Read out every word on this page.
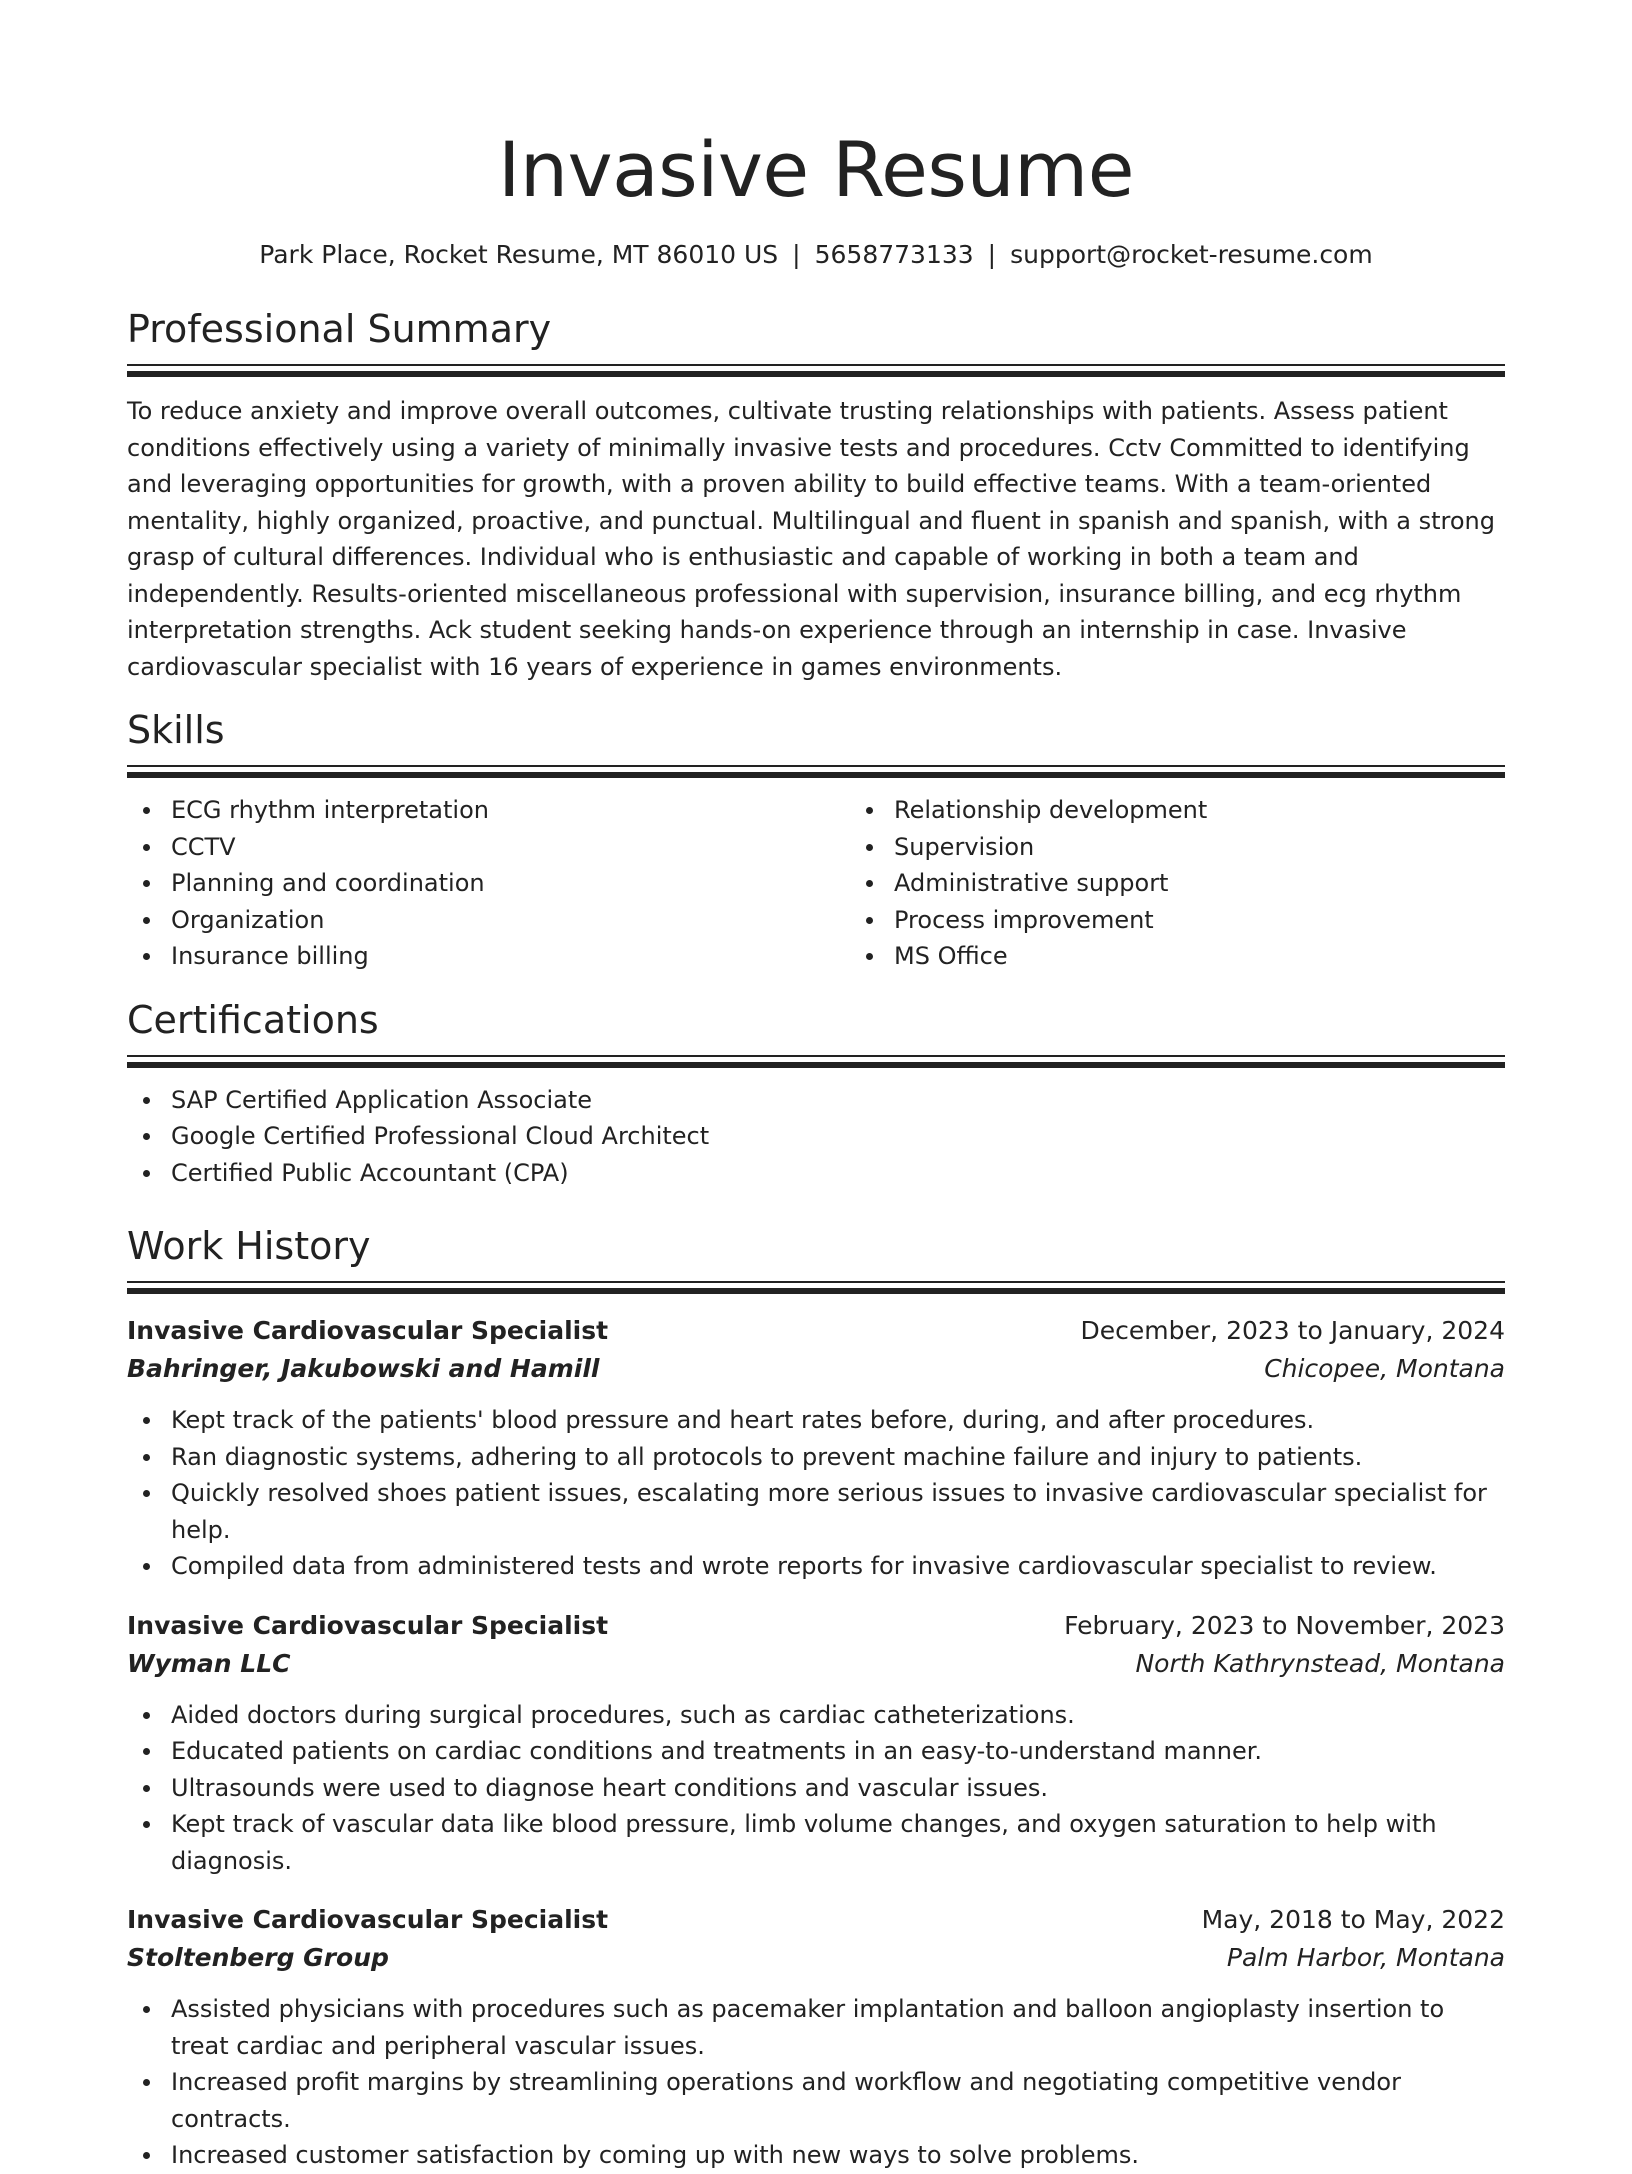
Invasive Resume
Park Place, Rocket Resume, MT 86010 US | 5658773133 | support@rocket-resume.com
Professional Summary

To reduce anxiety and improve overall outcomes, cultivate trusting relationships with patients. Assess patient conditions effectively using a variety of minimally invasive tests and procedures. Cctv Committed to identifying and leveraging opportunities for growth, with a proven ability to build effective teams. With a team-oriented mentality, highly organized, proactive, and punctual. Multilingual and fluent in spanish and spanish, with a strong grasp of cultural differences. Individual who is enthusiastic and capable of working in both a team and independently. Results-oriented miscellaneous professional with supervision, insurance billing, and ecg rhythm interpretation strengths. Ack student seeking hands-on experience through an internship in case. Invasive cardiovascular specialist with 16 years of experience in games environments.

Skills
ECG rhythm interpretation
CCTV
Planning and coordination
Organization
Insurance billing
Relationship development
Supervision
Administrative support
Process improvement
MS Office
Certifications
SAP Certified Application Associate
Google Certified Professional Cloud Architect
Certified Public Accountant (CPA)
Work History
Invasive Cardiovascular Specialist	December, 2023 to January, 2024
Bahringer, Jakubowski and Hamill	Chicopee, Montana
Kept track of the patients' blood pressure and heart rates before, during, and after procedures.
Ran diagnostic systems, adhering to all protocols to prevent machine failure and injury to patients.
Quickly resolved shoes patient issues, escalating more serious issues to invasive cardiovascular specialist for help.
Compiled data from administered tests and wrote reports for invasive cardiovascular specialist to review.
Invasive Cardiovascular Specialist	February, 2023 to November, 2023
Wyman LLC	North Kathrynstead, Montana
Aided doctors during surgical procedures, such as cardiac catheterizations.
Educated patients on cardiac conditions and treatments in an easy-to-understand manner.
Ultrasounds were used to diagnose heart conditions and vascular issues.
Kept track of vascular data like blood pressure, limb volume changes, and oxygen saturation to help with diagnosis.
Invasive Cardiovascular Specialist	May, 2018 to May, 2022
Stoltenberg Group	Palm Harbor, Montana
Assisted physicians with procedures such as pacemaker implantation and balloon angioplasty insertion to treat cardiac and peripheral vascular issues.
Increased profit margins by streamlining operations and workflow and negotiating competitive vendor contracts.
Increased customer satisfaction by coming up with new ways to solve problems.
